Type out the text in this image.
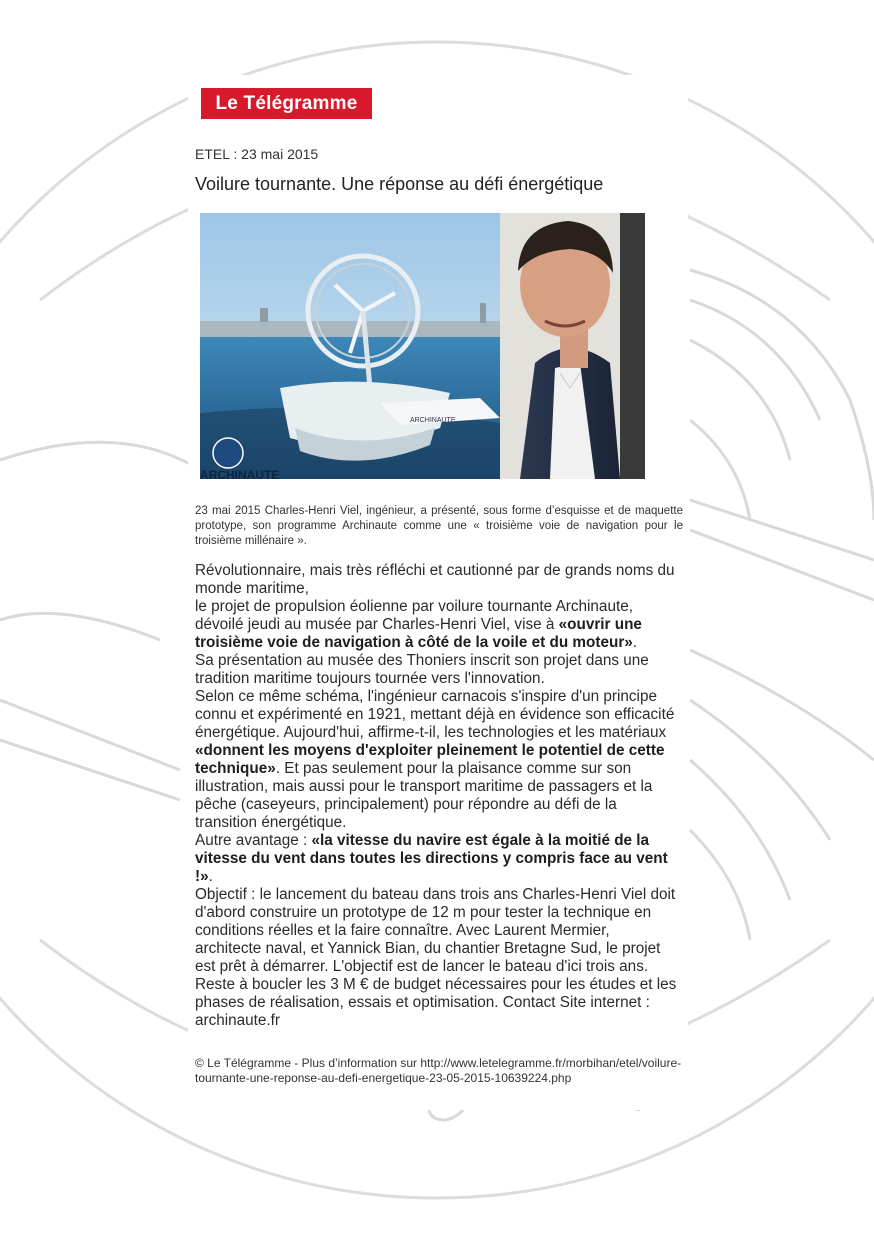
Le Télégramme
ETEL : 23 mai 2015
Voilure tournante. Une réponse au défi énergétique
ARCHINAUTE
ARCHINAUTE
23 mai 2015 Charles-Henri Viel, ingénieur, a présenté, sous forme d’esquisse et de maquette prototype, son programme Archinaute comme une « troisième voie de navigation pour le troisième millénaire ».

Révolutionnaire, mais très réfléchi et cautionné par de grands noms du monde maritime,

le projet de propulsion éolienne par voilure tournante Archinaute, dévoilé jeudi au musée par Charles-Henri Viel, vise à «ouvrir une troisième voie de navigation à côté de la voile et du moteur».

Sa présentation au musée des Thoniers inscrit son projet dans une tradition maritime toujours tournée vers l'innovation.

Selon ce même schéma, l'ingénieur carnacois s'inspire d'un principe connu et expérimenté en 1921, mettant déjà en évidence son efficacité énergétique. Aujourd'hui, affirme-t-il, les technologies et les matériaux «donnent les moyens d'exploiter pleinement le potentiel de cette technique». Et pas seulement pour la plaisance comme sur son illustration, mais aussi pour le transport maritime de passagers et la pêche (caseyeurs, principalement) pour répondre au défi de la transition énergétique.

Autre avantage : «la vitesse du navire est égale à la moitié de la vitesse du vent dans toutes les directions y compris face au vent !».

Objectif : le lancement du bateau dans trois ans Charles-Henri Viel doit d'abord construire un prototype de 12 m pour tester la technique en conditions réelles et la faire connaître. Avec Laurent Mermier, architecte naval, et Yannick Bian, du chantier Bretagne Sud, le projet est prêt à démarrer. L'objectif est de lancer le bateau d'ici trois ans. Reste à boucler les 3 M € de budget nécessaires pour les études et les phases de réalisation, essais et optimisation. Contact Site internet : archinaute.fr

© Le Télégramme - Plus d’information sur http://www.letelegramme.fr/morbihan/etel/voilure-tournante-une-reponse-au-defi-energetique-23-05-2015-10639224.php
